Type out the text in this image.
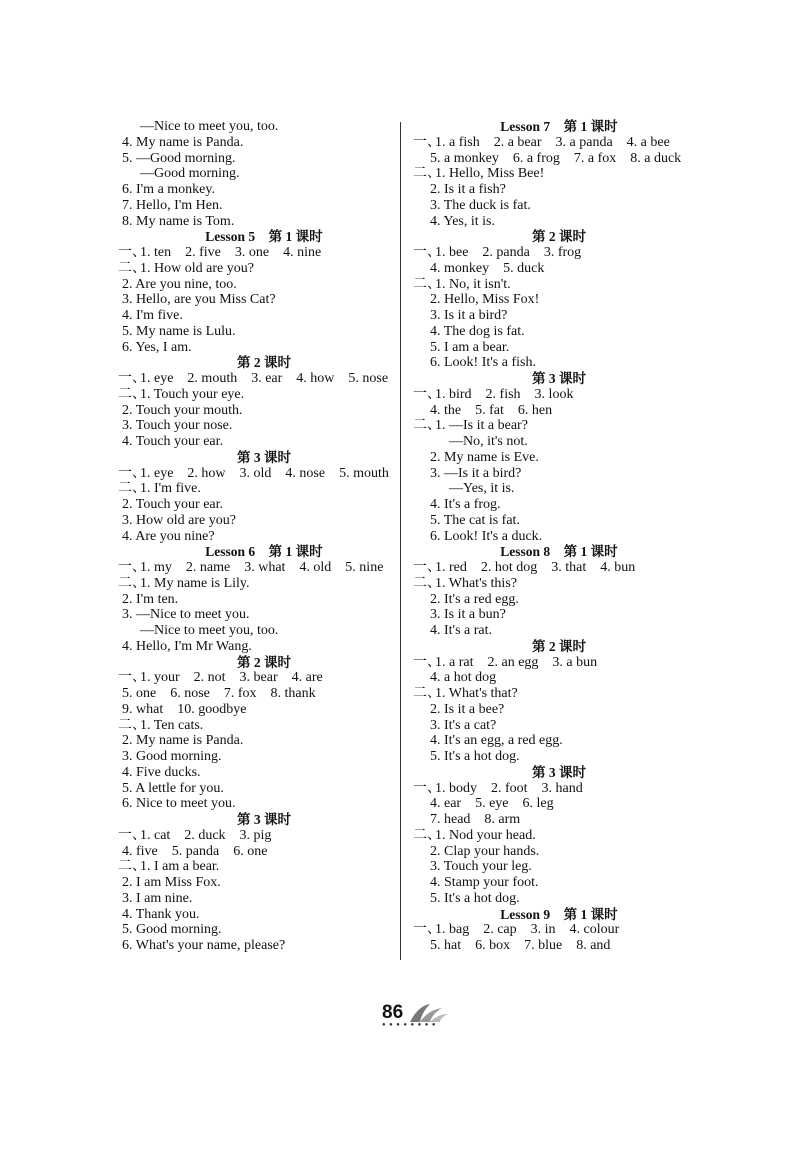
—Nice to meet you, too.
4. My name is Panda.
5. —Good morning.
—Good morning.
6. I'm a monkey.
7. Hello, I'm Hen.
8. My name is Tom.
Lesson 5　第 1 课时
一、1. ten　2. five　3. one　4. nine
二、1. How old are you?
2. Are you nine, too.
3. Hello, are you Miss Cat?
4. I'm five.
5. My name is Lulu.
6. Yes, I am.
第 2 课时
一、1. eye　2. mouth　3. ear　4. how　5. nose
二、1. Touch your eye.
2. Touch your mouth.
3. Touch your nose.
4. Touch your ear.
第 3 课时
一、1. eye　2. how　3. old　4. nose　5. mouth
二、1. I'm five.
2. Touch your ear.
3. How old are you?
4. Are you nine?
Lesson 6　第 1 课时
一、1. my　2. name　3. what　4. old　5. nine
二、1. My name is Lily.
2. I'm ten.
3. —Nice to meet you.
—Nice to meet you, too.
4. Hello, I'm Mr Wang.
第 2 课时
一、1. your　2. not　3. bear　4. are
5. one　6. nose　7. fox　8. thank
9. what　10. goodbye
二、1. Ten cats.
2. My name is Panda.
3. Good morning.
4. Five ducks.
5. A lettle for you.
6. Nice to meet you.
第 3 课时
一、1. cat　2. duck　3. pig
4. five　5. panda　6. one
二、1. I am a bear.
2. I am Miss Fox.
3. I am nine.
4. Thank you.
5. Good morning.
6. What's your name, please?
Lesson 7　第 1 课时
一、1. a fish　2. a bear　3. a panda　4. a bee
5. a monkey　6. a frog　7. a fox　8. a duck
二、1. Hello, Miss Bee!
2. Is it a fish?
3. The duck is fat.
4. Yes, it is.
第 2 课时
一、1. bee　2. panda　3. frog
4. monkey　5. duck
二、1. No, it isn't.
2. Hello, Miss Fox!
3. Is it a bird?
4. The dog is fat.
5. I am a bear.
6. Look! It's a fish.
第 3 课时
一、1. bird　2. fish　3. look
4. the　5. fat　6. hen
二、1. —Is it a bear?
—No, it's not.
2. My name is Eve.
3. —Is it a bird?
—Yes, it is.
4. It's a frog.
5. The cat is fat.
6. Look! It's a duck.
Lesson 8　第 1 课时
一、1. red　2. hot dog　3. that　4. bun
二、1. What's this?
2. It's a red egg.
3. Is it a bun?
4. It's a rat.
第 2 课时
一、1. a rat　2. an egg　3. a bun
4. a hot dog
二、1. What's that?
2. Is it a bee?
3. It's a cat?
4. It's an egg, a red egg.
5. It's a hot dog.
第 3 课时
一、1. body　2. foot　3. hand
4. ear　5. eye　6. leg
7. head　8. arm
二、1. Nod your head.
2. Clap your hands.
3. Touch your leg.
4. Stamp your foot.
5. It's a hot dog.
Lesson 9　第 1 课时
一、1. bag　2. cap　3. in　4. colour
5. hat　6. box　7. blue　8. and
86
● ● ● ● ● ● ● ●
